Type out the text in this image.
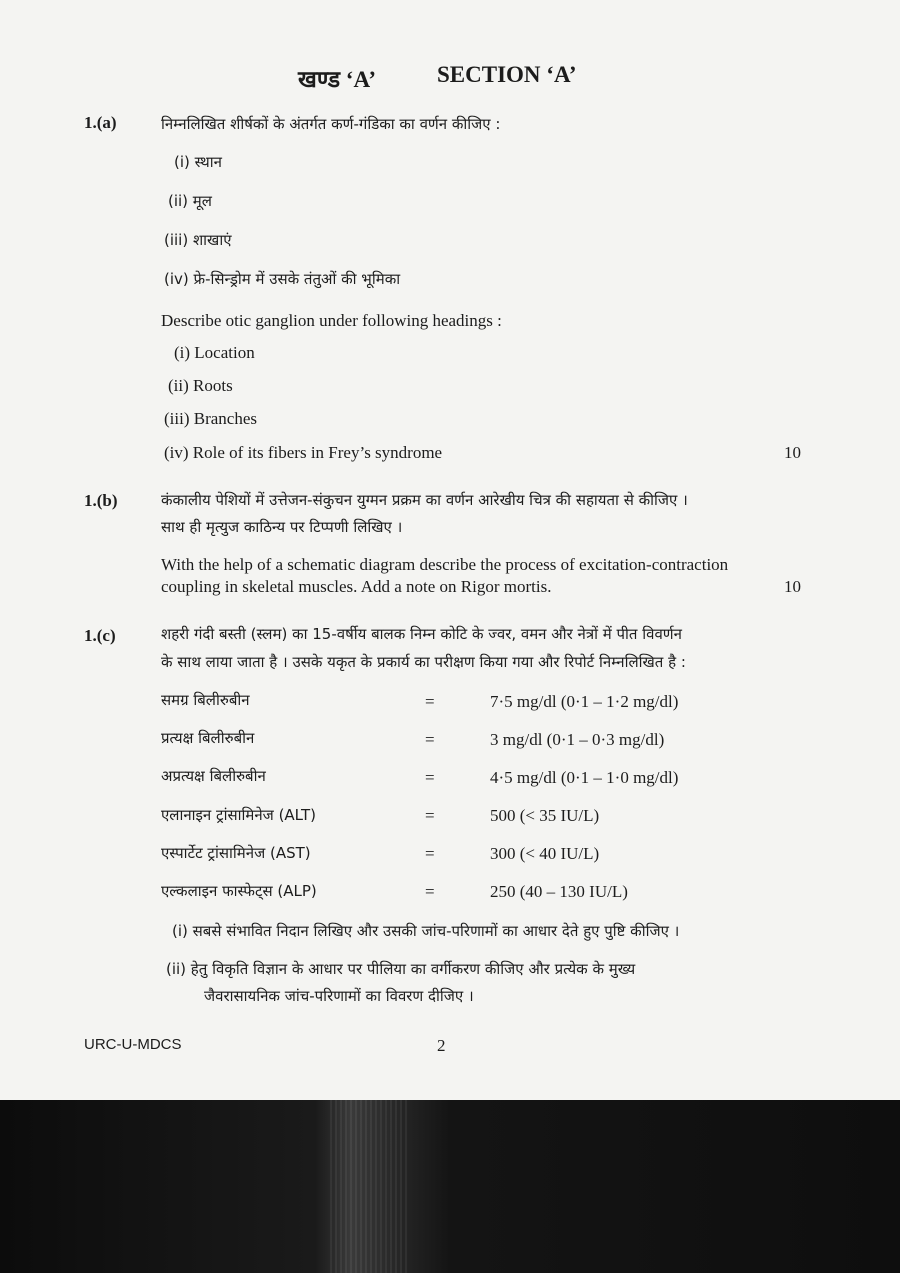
खण्ड ‘A’	SECTION ‘A’
1.(a)	निम्नलिखित शीर्षकों के अंतर्गत कर्ण-गंडिका का वर्णन कीजिए :
(i) स्थान
(ii) मूल
(iii) शाखाएं
(iv) फ्रे-सिन्ड्रोम में उसके तंतुओं की भूमिका
Describe otic ganglion under following headings :
(i) Location
(ii) Roots
(iii) Branches
(iv) Role of its fibers in Frey’s syndrome	10
1.(b)	कंकालीय पेशियों में उत्तेजन-संकुचन युग्मन प्रक्रम का वर्णन आरेखीय चित्र की सहायता से कीजिए ।
साथ ही मृत्युज काठिन्य पर टिप्पणी लिखिए ।
With the help of a schematic diagram describe the process of excitation-contraction
coupling in skeletal muscles. Add a note on Rigor mortis.	10
1.(c)	शहरी गंदी बस्ती (स्लम) का 15-वर्षीय बालक निम्न कोटि के ज्वर, वमन और नेत्रों में पीत विवर्णन
के साथ लाया जाता है । उसके यकृत के प्रकार्य का परीक्षण किया गया और रिपोर्ट निम्नलिखित है :
समग्र बिलीरुबीन	=	7·5 mg/dl (0·1 – 1·2 mg/dl)
प्रत्यक्ष बिलीरुबीन	=	3 mg/dl (0·1 – 0·3 mg/dl)
अप्रत्यक्ष बिलीरुबीन	=	4·5 mg/dl (0·1 – 1·0 mg/dl)
एलानाइन ट्रांसामिनेज (ALT)	=	500 (< 35 IU/L)
एस्पार्टेट ट्रांसामिनेज (AST)	=	300 (< 40 IU/L)
एल्कलाइन फास्फेट्स (ALP)	=	250 (40 – 130 IU/L)
(i) सबसे संभावित निदान लिखिए और उसकी जांच-परिणामों का आधार देते हुए पुष्टि कीजिए ।
(ii) हेतु विकृति विज्ञान के आधार पर पीलिया का वर्गीकरण कीजिए और प्रत्येक के मुख्य
जैवरासायनिक जांच-परिणामों का विवरण दीजिए ।
URC-U-MDCS	2
